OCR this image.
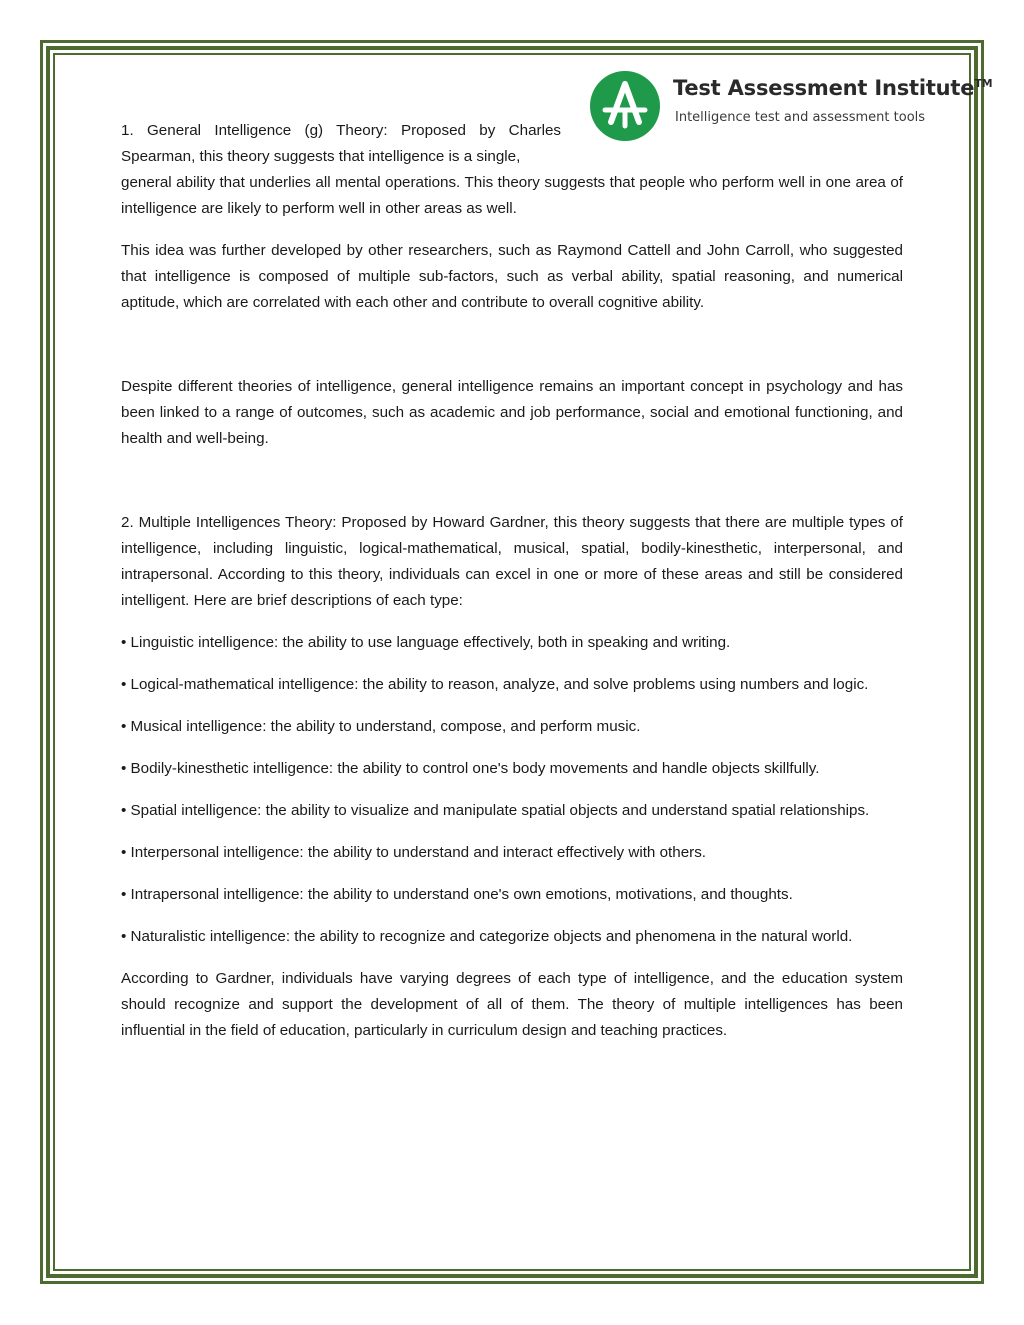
Test Assessment Institute™
Intelligence test and assessment tools

1. General Intelligence (g) Theory: Proposed by Charles Spearman, this theory suggests that intelligence is a single,

general ability that underlies all mental operations. This theory suggests that people who perform well in one area of intelligence are likely to perform well in other areas as well.

This idea was further developed by other researchers, such as Raymond Cattell and John Carroll, who suggested that intelligence is composed of multiple sub-factors, such as verbal ability, spatial reasoning, and numerical aptitude, which are correlated with each other and contribute to overall cognitive ability.

Despite different theories of intelligence, general intelligence remains an important concept in psychology and has been linked to a range of outcomes, such as academic and job performance, social and emotional functioning, and health and well-being.

2. Multiple Intelligences Theory: Proposed by Howard Gardner, this theory suggests that there are multiple types of intelligence, including linguistic, logical-mathematical, musical, spatial, bodily-kinesthetic, interpersonal, and intrapersonal. According to this theory, individuals can excel in one or more of these areas and still be considered intelligent. Here are brief descriptions of each type:

• Linguistic intelligence: the ability to use language effectively, both in speaking and writing.

• Logical-mathematical intelligence: the ability to reason, analyze, and solve problems using numbers and logic.

• Musical intelligence: the ability to understand, compose, and perform music.

• Bodily-kinesthetic intelligence: the ability to control one's body movements and handle objects skillfully.

• Spatial intelligence: the ability to visualize and manipulate spatial objects and understand spatial relationships.

• Interpersonal intelligence: the ability to understand and interact effectively with others.

• Intrapersonal intelligence: the ability to understand one's own emotions, motivations, and thoughts.

• Naturalistic intelligence: the ability to recognize and categorize objects and phenomena in the natural world.

According to Gardner, individuals have varying degrees of each type of intelligence, and the education system should recognize and support the development of all of them. The theory of multiple intelligences has been influential in the field of education, particularly in curriculum design and teaching practices.
